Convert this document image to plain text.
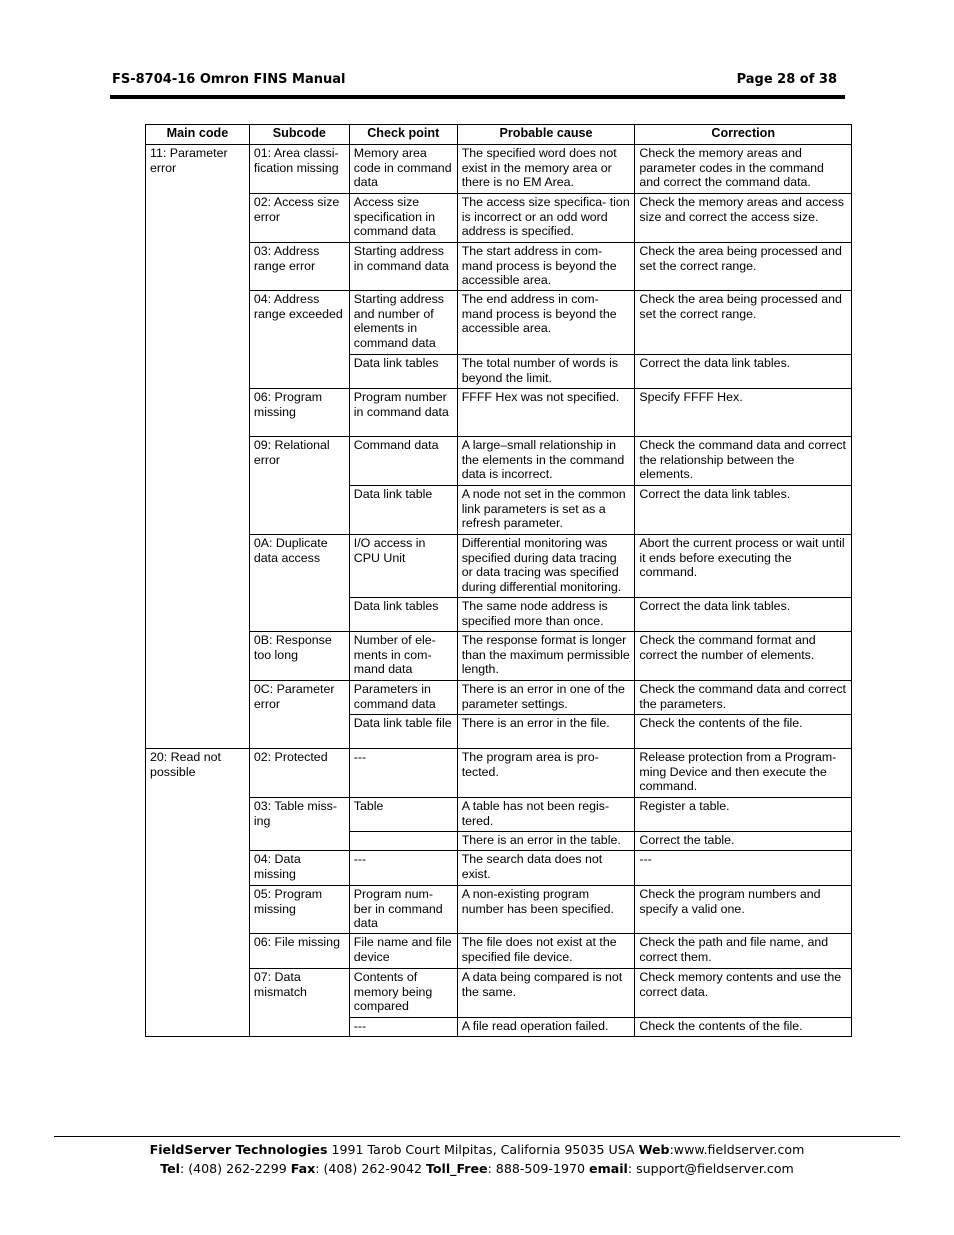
FS-8704-16 Omron FINS Manual	Page 28 of 38
Main code	Subcode	Check point	Probable cause	Correction
11: Parameter error	01: Area classi- fication missing	Memory area code in command data	The specified word does not exist in the memory area or there is no EM Area.	Check the memory areas and parameter codes in the command and correct the command data.
	02: Access size error	Access size specification in command data	The access size specifica- tion is incorrect or an odd word address is specified.	Check the memory areas and access size and correct the access size.
	03: Address range error	Starting address in command data	The start address in com- mand process is beyond the accessible area.	Check the area being processed and set the correct range.
	04: Address range exceeded	Starting address and number of elements in command data	The end address in com- mand process is beyond the accessible area.	Check the area being processed and set the correct range.
		Data link tables	The total number of words is beyond the limit.	Correct the data link tables.
	06: Program missing	Program number in command data	FFFF Hex was not specified.	Specify FFFF Hex.
	09: Relational error	Command data	A large–small relationship in the elements in the command data is incorrect.	Check the command data and correct the relationship between the elements.
		Data link table	A node not set in the common link parameters is set as a refresh parameter.	Correct the data link tables.
	0A: Duplicate data access	I/O access in CPU Unit	Differential monitoring was specified during data tracing or data tracing was specified during differential monitoring.	Abort the current process or wait until it ends before executing the command.
		Data link tables	The same node address is specified more than once.	Correct the data link tables.
	0B: Response too long	Number of ele- ments in com- mand data	The response format is longer than the maximum permissible length.	Check the command format and correct the number of elements.
	0C: Parameter error	Parameters in command data	There is an error in one of the parameter settings.	Check the command data and correct the parameters.
		Data link table file	There is an error in the file.	Check the contents of the file.
20: Read not possible	02: Protected	---	The program area is pro- tected.	Release protection from a Program- ming Device and then execute the command.
	03: Table miss- ing	Table	A table has not been regis- tered.	Register a table.
			There is an error in the table.	Correct the table.
	04: Data missing	---	The search data does not exist.	---
	05: Program missing	Program num- ber in command data	A non-existing program number has been specified.	Check the program numbers and specify a valid one.
	06: File missing	File name and file device	The file does not exist at the specified file device.	Check the path and file name, and correct them.
	07: Data mismatch	Contents of memory being compared	A data being compared is not the same.	Check memory contents and use the correct data.
		---	A file read operation failed.	Check the contents of the file.
FieldServer Technologies 1991 Tarob Court Milpitas, California 95035 USA Web:www.fieldserver.com
Tel: (408) 262-2299 Fax: (408) 262-9042 Toll_Free: 888-509-1970 email: support@fieldserver.com
